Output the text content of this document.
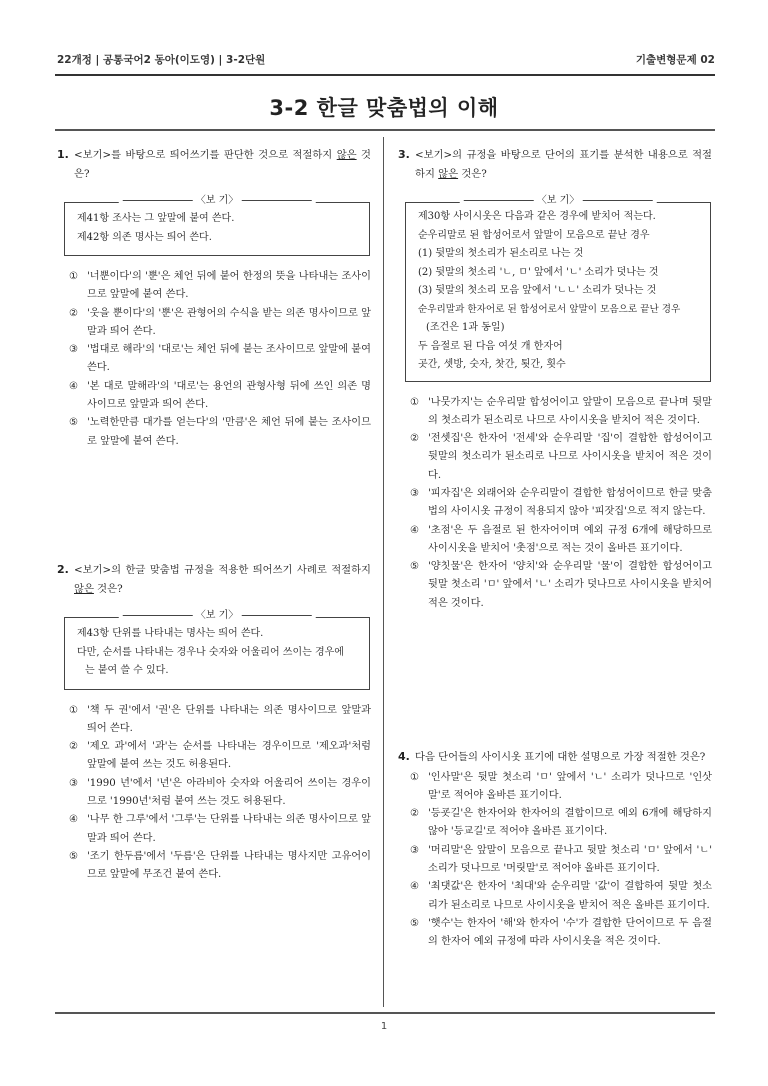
22개정 | 공통국어2 동아(이도영) | 3-2단원	기출변형문제 02
3-2 한글 맞춤법의 이해
1. <보기>를 바탕으로 띄어쓰기를 판단한 것으로 적절하지 않은 것은?
〈보 기〉
제41항 조사는 그 앞말에 붙여 쓴다.
제42항 의존 명사는 띄어 쓴다.
① '너뿐이다'의 '뿐'은 체언 뒤에 붙어 한정의 뜻을 나타내는 조사이므로 앞말에 붙여 쓴다.
② '웃을 뿐이다'의 '뿐'은 관형어의 수식을 받는 의존 명사이므로 앞말과 띄어 쓴다.
③ '법대로 해라'의 '대로'는 체언 뒤에 붙는 조사이므로 앞말에 붙여 쓴다.
④ '본 대로 말해라'의 '대로'는 용언의 관형사형 뒤에 쓰인 의존 명사이므로 앞말과 띄어 쓴다.
⑤ '노력한만큼 대가를 얻는다'의 '만큼'은 체언 뒤에 붙는 조사이므로 앞말에 붙여 쓴다.
2. <보기>의 한글 맞춤법 규정을 적용한 띄어쓰기 사례로 적절하지 않은 것은?
〈보 기〉
제43항 단위를 나타내는 명사는 띄어 쓴다.
다만, 순서를 나타내는 경우나 숫자와 어울리어 쓰이는 경우에
는 붙여 쓸 수 있다.
① '책 두 권'에서 '권'은 단위를 나타내는 의존 명사이므로 앞말과 띄어 쓴다.
② '제오 과'에서 '과'는 순서를 나타내는 경우이므로 '제오과'처럼 앞말에 붙여 쓰는 것도 허용된다.
③ '1990 년'에서 '년'은 아라비아 숫자와 어울리어 쓰이는 경우이므로 '1990년'처럼 붙여 쓰는 것도 허용된다.
④ '나무 한 그루'에서 '그루'는 단위를 나타내는 의존 명사이므로 앞말과 띄어 쓴다.
⑤ '조기 한두름'에서 '두름'은 단위를 나타내는 명사지만 고유어이므로 앞말에 무조건 붙여 쓴다.
3. <보기>의 규정을 바탕으로 단어의 표기를 분석한 내용으로 적절하지 않은 것은?
〈보 기〉
제30항 사이시옷은 다음과 같은 경우에 받치어 적는다.
순우리말로 된 합성어로서 앞말이 모음으로 끝난 경우
(1) 뒷말의 첫소리가 된소리로 나는 것
(2) 뒷말의 첫소리 'ㄴ, ㅁ' 앞에서 'ㄴ' 소리가 덧나는 것
(3) 뒷말의 첫소리 모음 앞에서 'ㄴㄴ' 소리가 덧나는 것
순우리말과 한자어로 된 합성어로서 앞말이 모음으로 끝난 경우
(조건은 1과 동일)
두 음절로 된 다음 여섯 개 한자어
곳간, 셋방, 숫자, 찻간, 툇간, 횟수
① '나뭇가지'는 순우리말 합성어이고 앞말이 모음으로 끝나며 뒷말의 첫소리가 된소리로 나므로 사이시옷을 받치어 적은 것이다.
② '전셋집'은 한자어 '전세'와 순우리말 '집'이 결합한 합성어이고 뒷말의 첫소리가 된소리로 나므로 사이시옷을 받치어 적은 것이다.
③ '피자집'은 외래어와 순우리말이 결합한 합성어이므로 한글 맞춤법의 사이시옷 규정이 적용되지 않아 '피잣집'으로 적지 않는다.
④ '초점'은 두 음절로 된 한자어이며 예외 규정 6개에 해당하므로 사이시옷을 받치어 '촛점'으로 적는 것이 올바른 표기이다.
⑤ '양칫물'은 한자어 '양치'와 순우리말 '물'이 결합한 합성어이고 뒷말 첫소리 'ㅁ' 앞에서 'ㄴ' 소리가 덧나므로 사이시옷을 받치어 적은 것이다.
4. 다음 단어들의 사이시옷 표기에 대한 설명으로 가장 적절한 것은?
① '인사말'은 뒷말 첫소리 'ㅁ' 앞에서 'ㄴ' 소리가 덧나므로 '인삿말'로 적어야 올바른 표기이다.
② '등굣길'은 한자어와 한자어의 결합이므로 예외 6개에 해당하지 않아 '등교길'로 적어야 올바른 표기이다.
③ '머리말'은 앞말이 모음으로 끝나고 뒷말 첫소리 'ㅁ' 앞에서 'ㄴ' 소리가 덧나므로 '머릿말'로 적어야 올바른 표기이다.
④ '최댓값'은 한자어 '최대'와 순우리말 '값'이 결합하여 뒷말 첫소리가 된소리로 나므로 사이시옷을 받치어 적은 올바른 표기이다.
⑤ '햇수'는 한자어 '해'와 한자어 '수'가 결합한 단어이므로 두 음절의 한자어 예외 규정에 따라 사이시옷을 적은 것이다.
1
